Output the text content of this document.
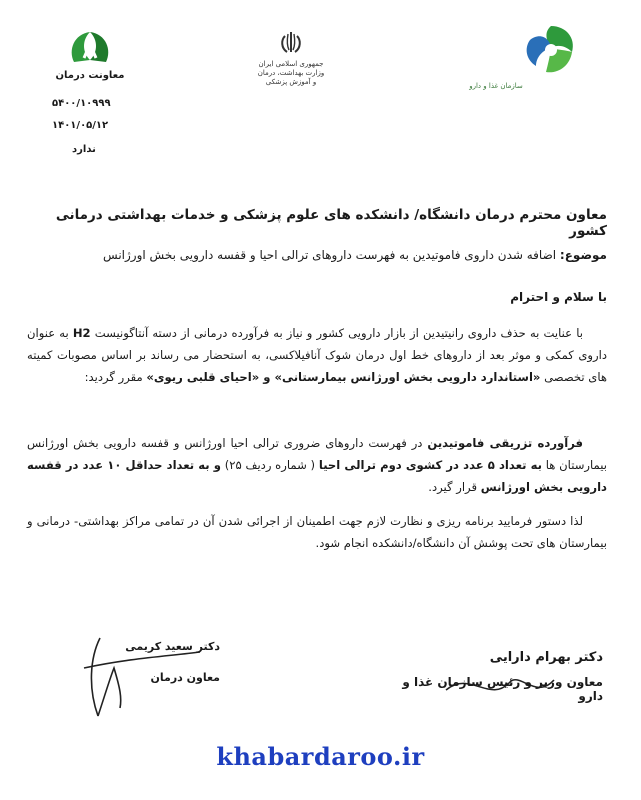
معاونت درمان
۵۴۰۰/۱۰۹۹۹
۱۴۰۱/۰۵/۱۲
ندارد
جمهوری اسلامی ایران
وزارت بهداشت، درمان
و آموزش پزشکی	سازمان غذا و دارو
معاون محترم درمان دانشگاه/ دانشکده های علوم پزشکی و خدمات بهداشتی درمانی کشور
موضوع: اضافه شدن داروی فاموتیدین به فهرست داروهای ترالی احیا و قفسه دارویی بخش اورژانس
با سلام و احترام
با عنایت به حذف داروی رانیتیدین از بازار دارویی کشور و نیاز به فرآورده درمانی از دسته آنتاگونیست H2 به عنوان داروی کمکی و موثر بعد از داروهای خط اول درمان شوک آنافیلاکسی، به استحضار می رساند بر اساس مصوبات کمیته های تخصصی «استاندارد دارویی بخش اورژانس بیمارستانی» و «احیای قلبی ریوی» مقرر گردید:
فرآورده تزریقی فاموتیدین در فهرست داروهای ضروری ترالی احیا اورژانس و قفسه دارویی بخش اورژانس بیمارستان ها به تعداد ۵ عدد در کشوی دوم ترالی احیا ( شماره ردیف ۲۵) و به تعداد حداقل ۱۰ عدد در قفسه دارویی بخش اورژانس قرار گیرد.
لذا دستور فرمایید برنامه ریزی و نظارت لازم جهت اطمینان از اجرائی شدن آن در تمامی مراکز بهداشتی- درمانی و بیمارستان های تحت پوشش آن دانشگاه/دانشکده انجام شود.
دکتر سعید کریمی
معاون درمان
دکتر بهرام دارایی
معاون وزیر و رئیس سازمان غذا و دارو
khabardaroo.ir
